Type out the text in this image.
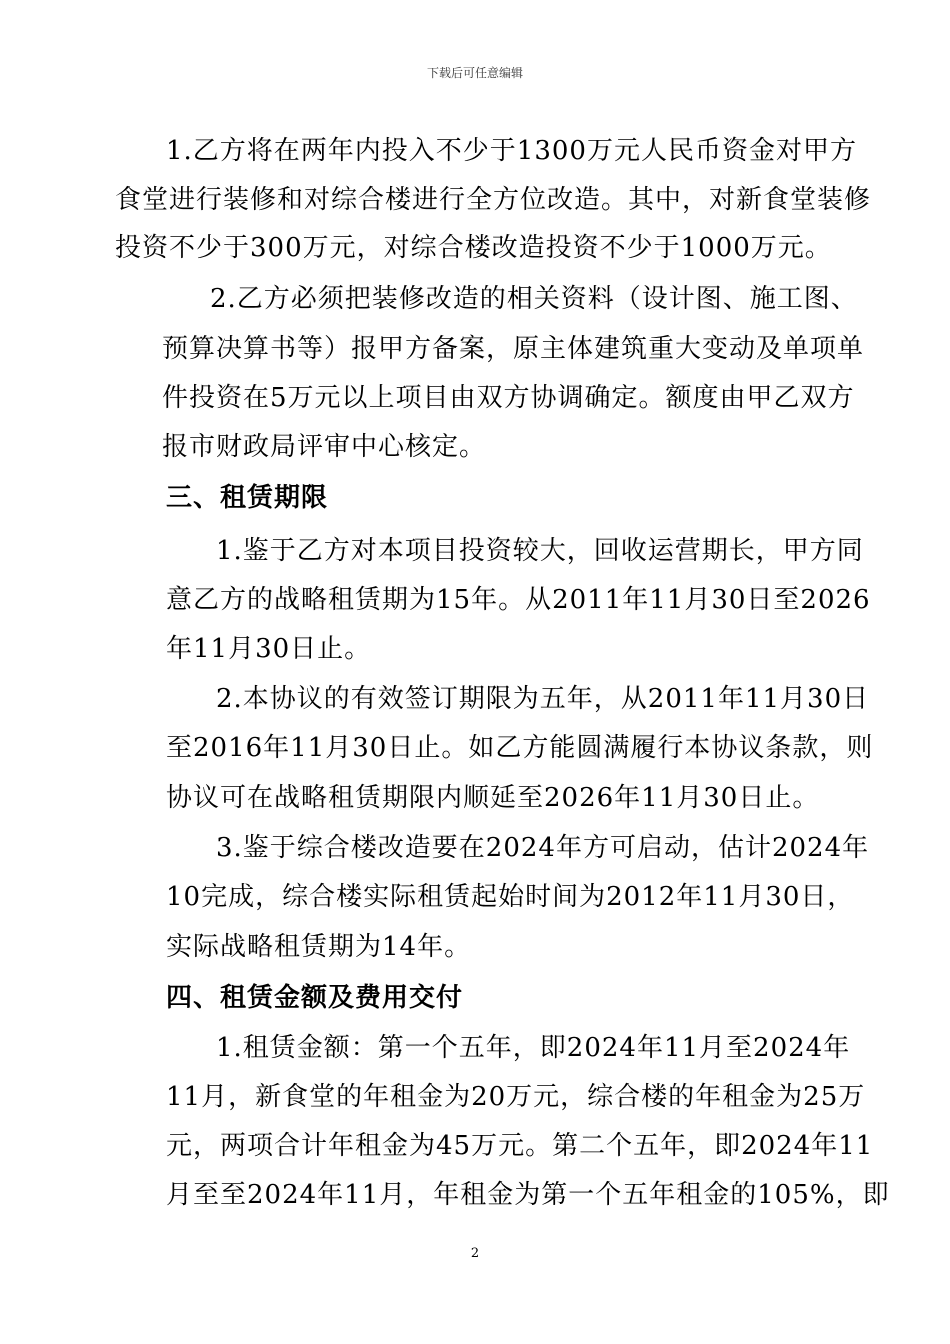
下载后可任意编辑
1.乙方将在两年内投入不少于1300万元人民币资金对甲方
食堂进行装修和对综合楼进行全方位改造。其中，对新食堂装修
投资不少于300万元，对综合楼改造投资不少于1000万元。
2.乙方必须把装修改造的相关资料（设计图、施工图、
预算决算书等）报甲方备案，原主体建筑重大变动及单项单
件投资在5万元以上项目由双方协调确定。额度由甲乙双方
报市财政局评审中心核定。
三、租赁期限
1.鉴于乙方对本项目投资较大，回收运营期长，甲方同
意乙方的战略租赁期为15年。从2011年11月30日至2026
年11月30日止。
2.本协议的有效签订期限为五年，从2011年11月30日
至2016年11月30日止。如乙方能圆满履行本协议条款，则
协议可在战略租赁期限内顺延至2026年11月30日止。
3.鉴于综合楼改造要在2024年方可启动，估计2024年
10完成，综合楼实际租赁起始时间为2012年11月30日，
实际战略租赁期为14年。
四、租赁金额及费用交付
1.租赁金额：第一个五年，即2024年11月至2024年
11月，新食堂的年租金为20万元，综合楼的年租金为25万
元，两项合计年租金为45万元。第二个五年，即2024年11
月至至2024年11月，年租金为第一个五年租金的105%，即
2
